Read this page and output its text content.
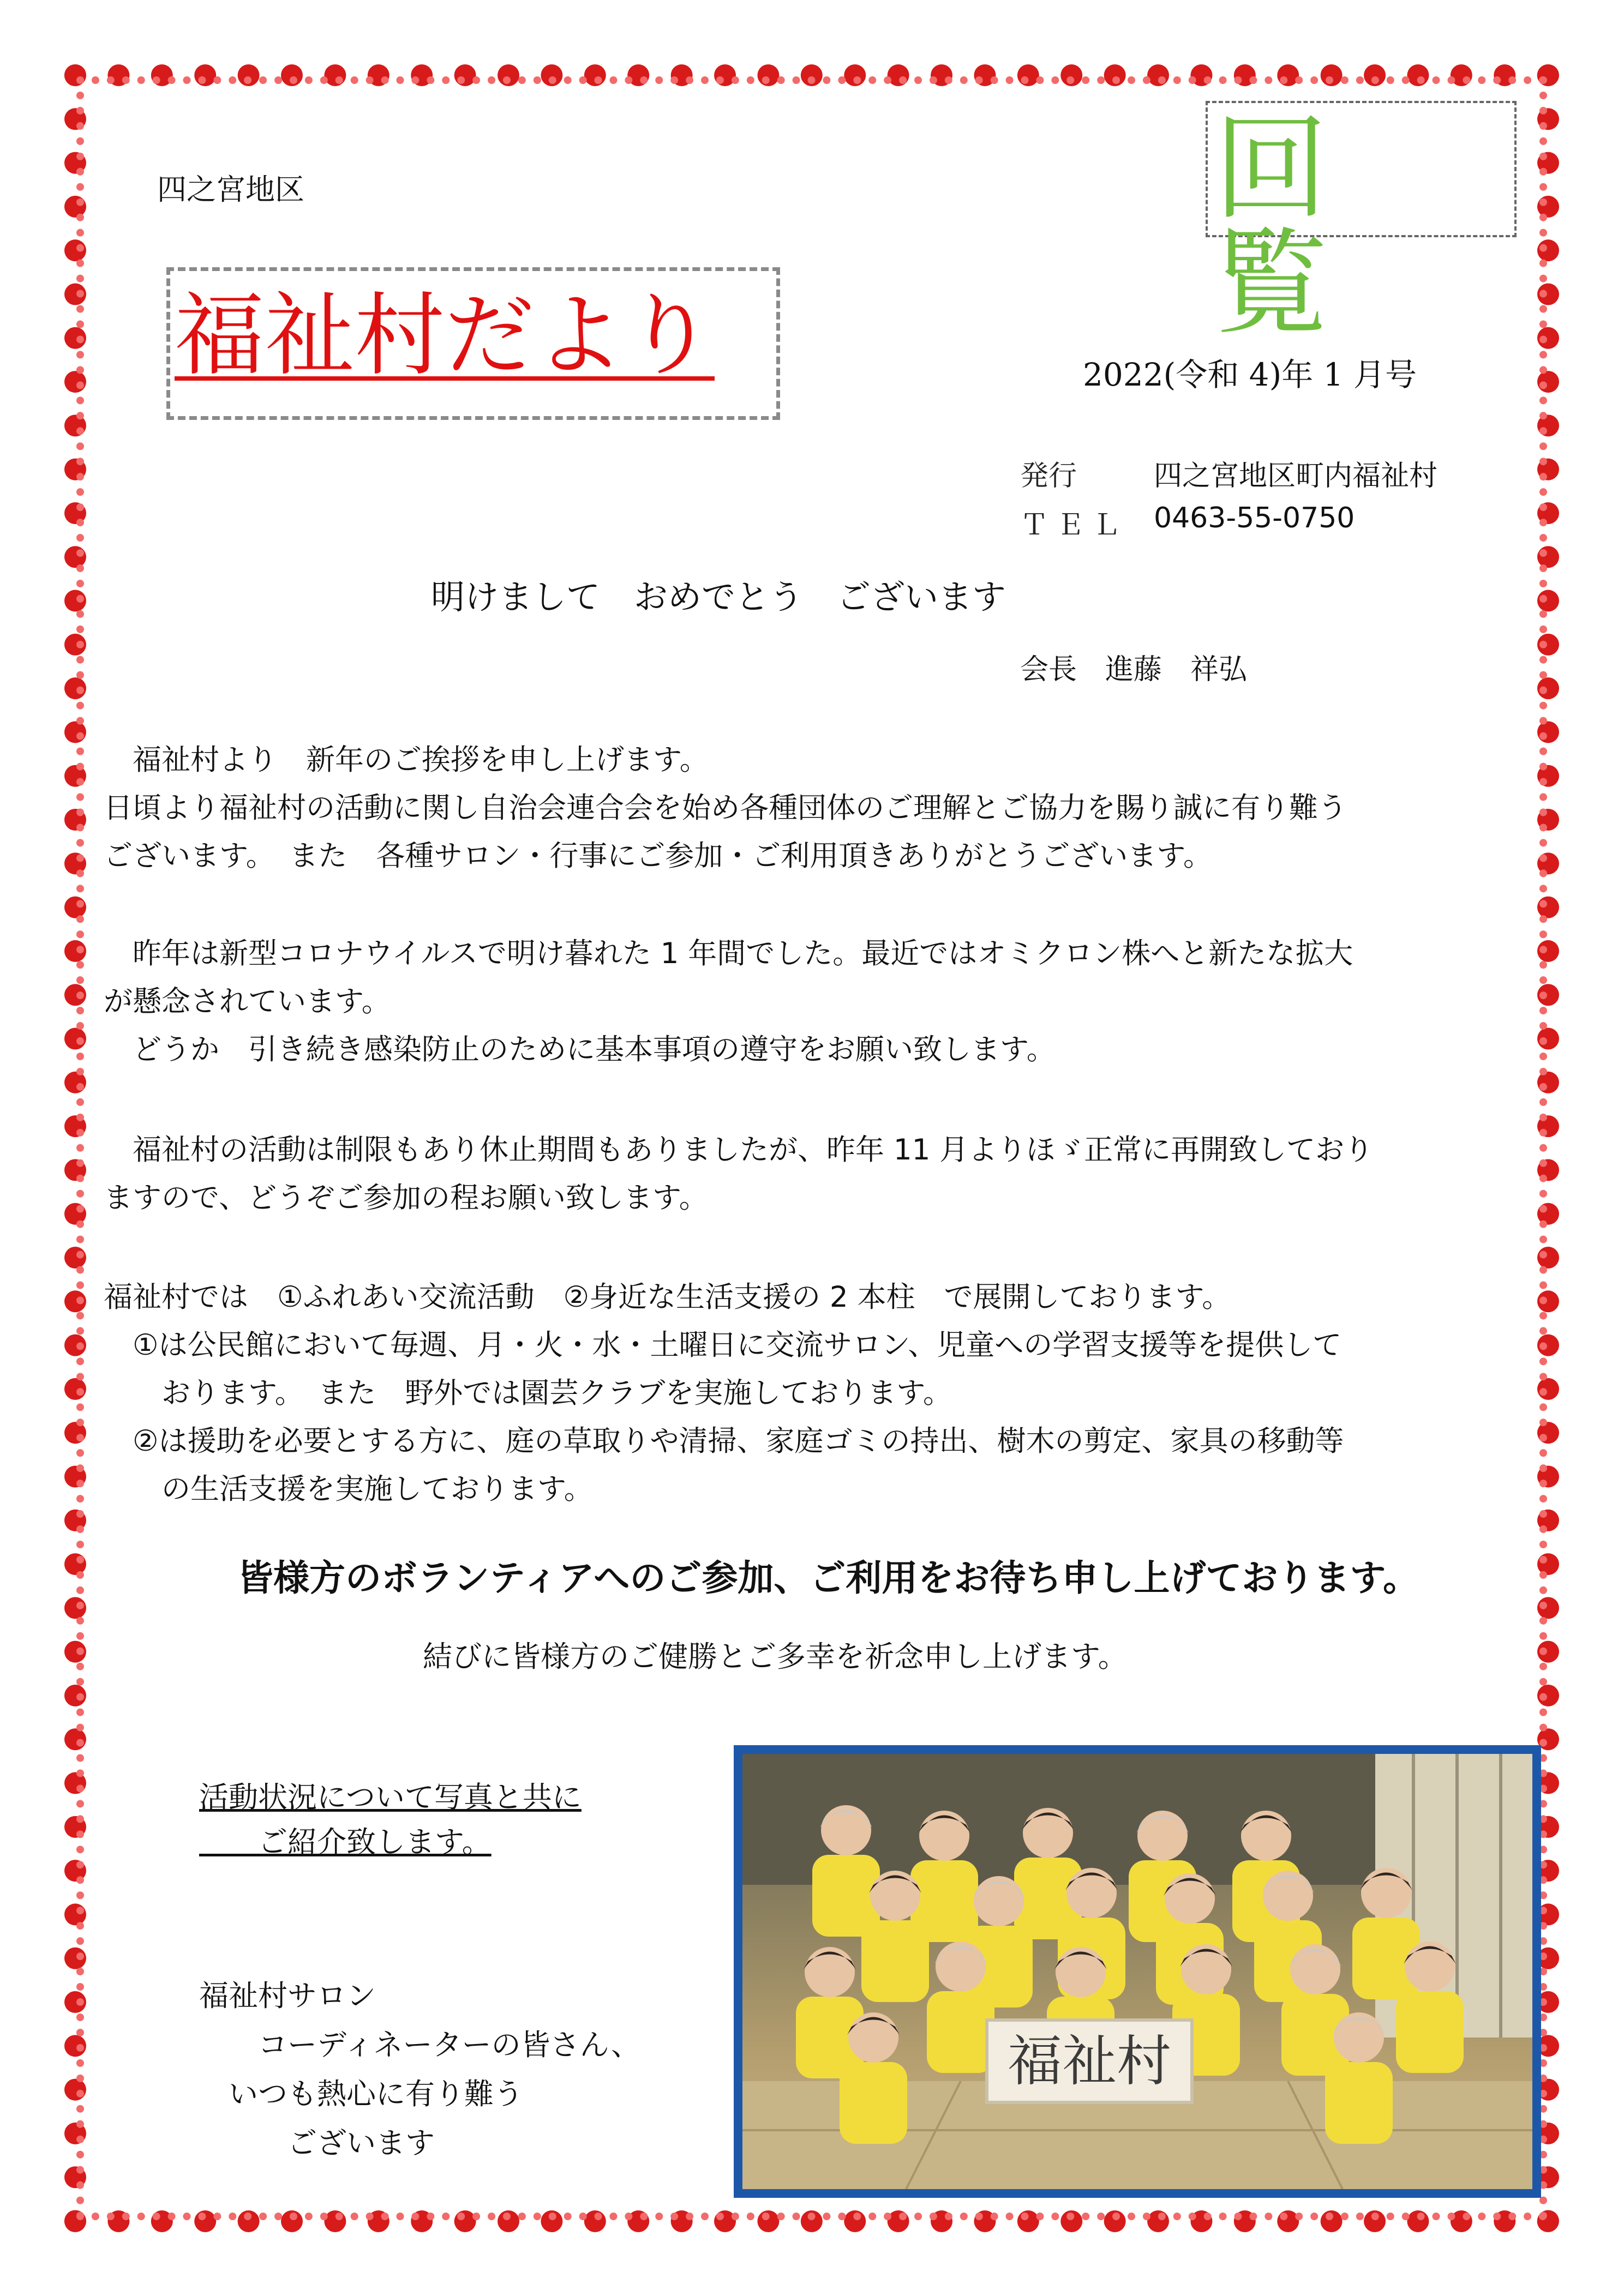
四之宮地区	回覧
福祉村だより	2022(令和 4)年 1 月号
発行	四之宮地区町内福祉村
ＴＥＬ 0463-55-0750
明けまして　おめでとう　ございます
会長　進藤　祥弘
　福祉村より　新年のご挨拶を申し上げます。
日頃より福祉村の活動に関し自治会連合会を始め各種団体のご理解とご協力を賜り誠に有り難う
ございます。　また　各種サロン・行事にご参加・ご利用頂きありがとうございます。
　昨年は新型コロナウイルスで明け暮れた 1 年間でした。最近ではオミクロン株へと新たな拡大
が懸念されています。
　どうか　引き続き感染防止のために基本事項の遵守をお願い致します。
　福祉村の活動は制限もあり休止期間もありましたが、昨年 11 月よりほゞ正常に再開致しており
ますので、どうぞご参加の程お願い致します。
福祉村では　①ふれあい交流活動　②身近な生活支援の 2 本柱　で展開しております。
　①は公民館において毎週、月・火・水・土曜日に交流サロン、児童への学習支援等を提供して
　　おります。　また　野外では園芸クラブを実施しております。
　②は援助を必要とする方に、庭の草取りや清掃、家庭ゴミの持出、樹木の剪定、家具の移動等
　　の生活支援を実施しております。
皆様方のボランティアへのご参加、ご利用をお待ち申し上げております。
結びに皆様方のご健勝とご多幸を祈念申し上げます。
活動状況について写真と共に
　　ご紹介致します。
福祉村サロン
　　コーディネーターの皆さん、
　いつも熱心に有り難う
　　　ございます
福祉村
